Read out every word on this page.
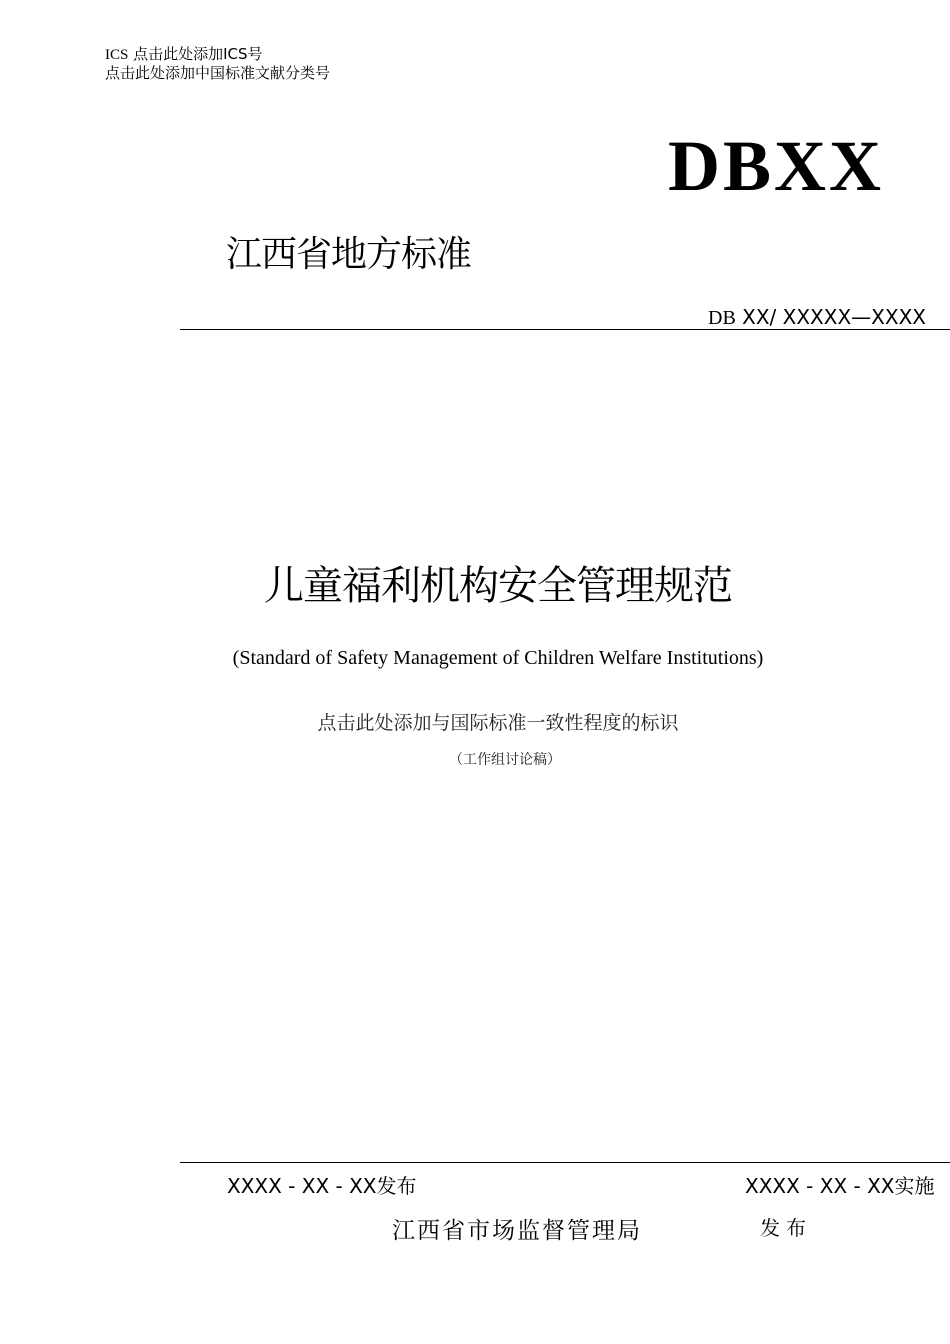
ICS 点击此处添加ICS号
点击此处添加中国标准文献分类号
DBXX
江西省地方标准
DB XX/ XXXXX—XXXX
儿童福利机构安全管理规范
(Standard of Safety Management of Children Welfare Institutions)
点击此处添加与国际标准一致性程度的标识
（工作组讨论稿）
XXXX - XX - XX发布	XXXX - XX - XX实施
江西省市场监督管理局	发布
